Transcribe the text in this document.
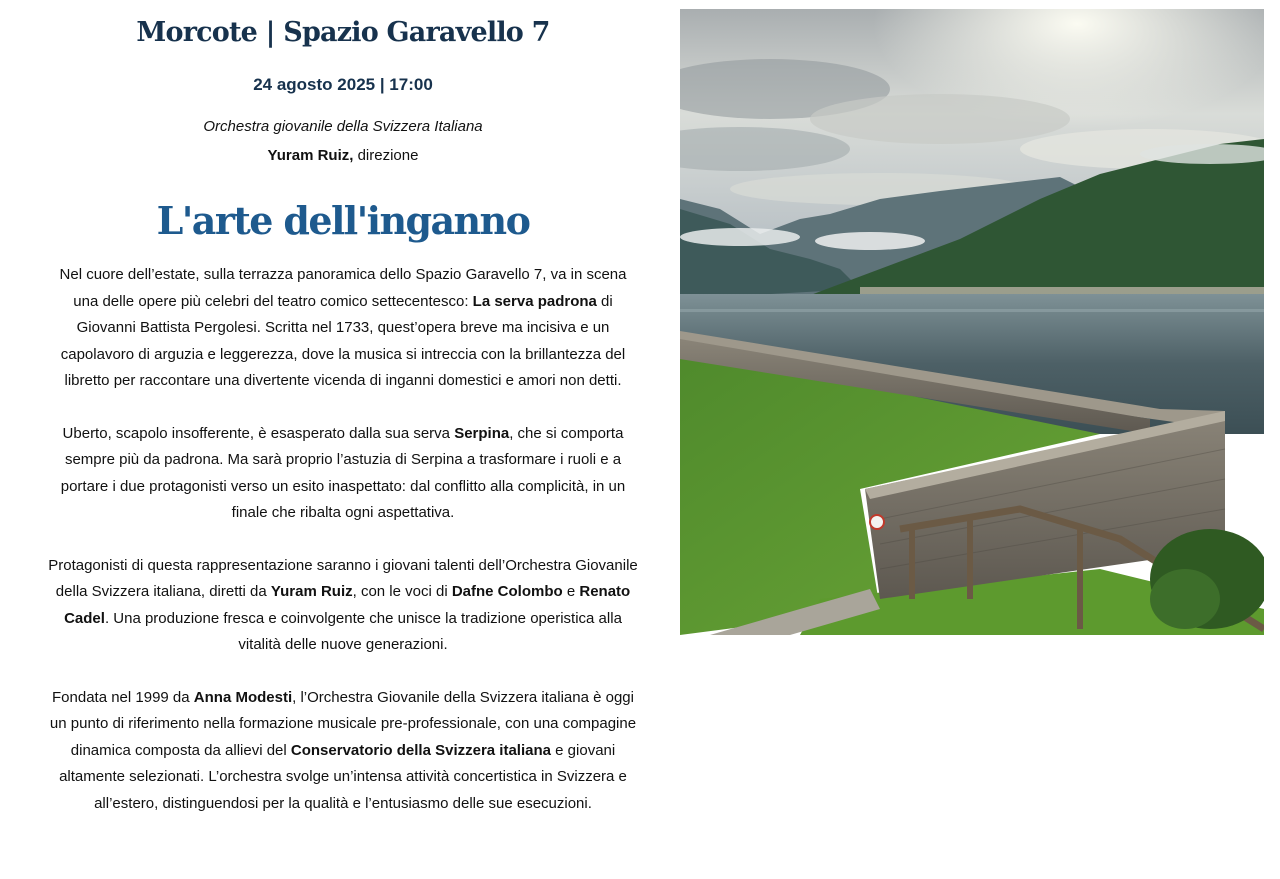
Morcote | Spazio Garavello 7
24 agosto 2025 | 17:00
Orchestra giovanile della Svizzera Italiana
Yuram Ruiz, direzione
L'arte dell'inganno

Nel cuore dell’estate, sulla terrazza panoramica dello Spazio Garavello 7, va in scena una delle opere più celebri del teatro comico settecentesco: La serva padrona di Giovanni Battista Pergolesi. Scritta nel 1733, quest’opera breve ma incisiva e un capolavoro di arguzia e leggerezza, dove la musica si intreccia con la brillantezza del libretto per raccontare una divertente vicenda di inganni domestici e amori non detti.

Uberto, scapolo insofferente, è esasperato dalla sua serva Serpina, che si comporta sempre più da padrona. Ma sarà proprio l’astuzia di Serpina a trasformare i ruoli e a portare i due protagonisti verso un esito inaspettato: dal conflitto alla complicità, in un finale che ribalta ogni aspettativa.

Protagonisti di questa rappresentazione saranno i giovani talenti dell’Orchestra Giovanile della Svizzera italiana, diretti da Yuram Ruiz, con le voci di Dafne Colombo e Renato Cadel. Una produzione fresca e coinvolgente che unisce la tradizione operistica alla vitalità delle nuove generazioni.

Fondata nel 1999 da Anna Modesti, l’Orchestra Giovanile della Svizzera italiana è oggi un punto di riferimento nella formazione musicale pre-professionale, con una compagine dinamica composta da allievi del Conservatorio della Svizzera italiana e giovani altamente selezionati. L’orchestra svolge un’intensa attività concertistica in Svizzera e all’estero, distinguendosi per la qualità e l’entusiasmo delle sue esecuzioni.
